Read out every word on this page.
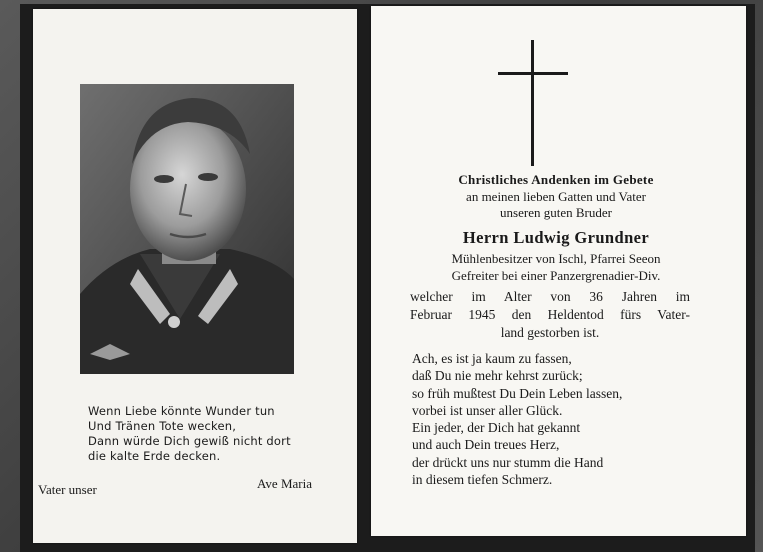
Wenn Liebe könnte Wunder tun
Und Tränen Tote wecken,
Dann würde Dich gewiß nicht dort
die kalte Erde decken.
Vater unser	Ave Maria
Christliches Andenken im Gebete
an meinen lieben Gatten und Vater
unseren guten Bruder
Herrn Ludwig Grundner
Mühlenbesitzer von Ischl, Pfarrei Seeon
Gefreiter bei einer Panzergrenadier-Div.
welcher im Alter von 36 Jahren im
Februar 1945 den Heldentod fürs Vater-
land gestorben ist.
Ach, es ist ja kaum zu fassen,
daß Du nie mehr kehrst zurück;
so früh mußtest Du Dein Leben lassen,
vorbei ist unser aller Glück.
Ein jeder, der Dich hat gekannt
und auch Dein treues Herz,
der drückt uns nur stumm die Hand
in diesem tiefen Schmerz.
